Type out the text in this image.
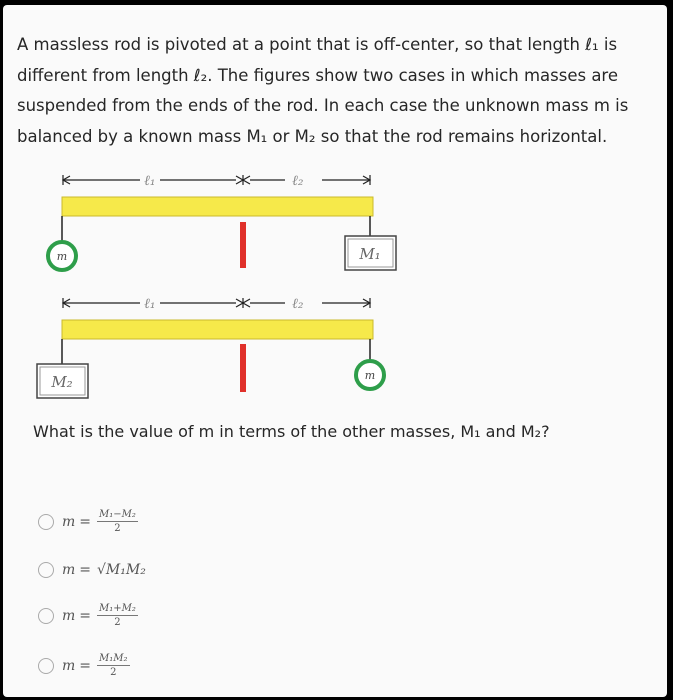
A massless rod is pivoted at a point that is off-center, so that length ℓ₁ is
different from length ℓ₂. The figures show two cases in which masses are
suspended from the ends of the rod. In each case the unknown mass m is
balanced by a known mass M₁ or M₂ so that the rod remains horizontal.

ℓ₁	ℓ₂
m	M₁
ℓ₁	ℓ₂
M₂	m

What is the value of m in terms of the other masses, M₁ and M₂?

$m = \frac{\text{M₁−M₂}}{2}$
m = √M₁M₂
$m = \frac{\text{M₁+M₂}}{2}$
$m = \frac{\text{M₁M₂}}{2}$
